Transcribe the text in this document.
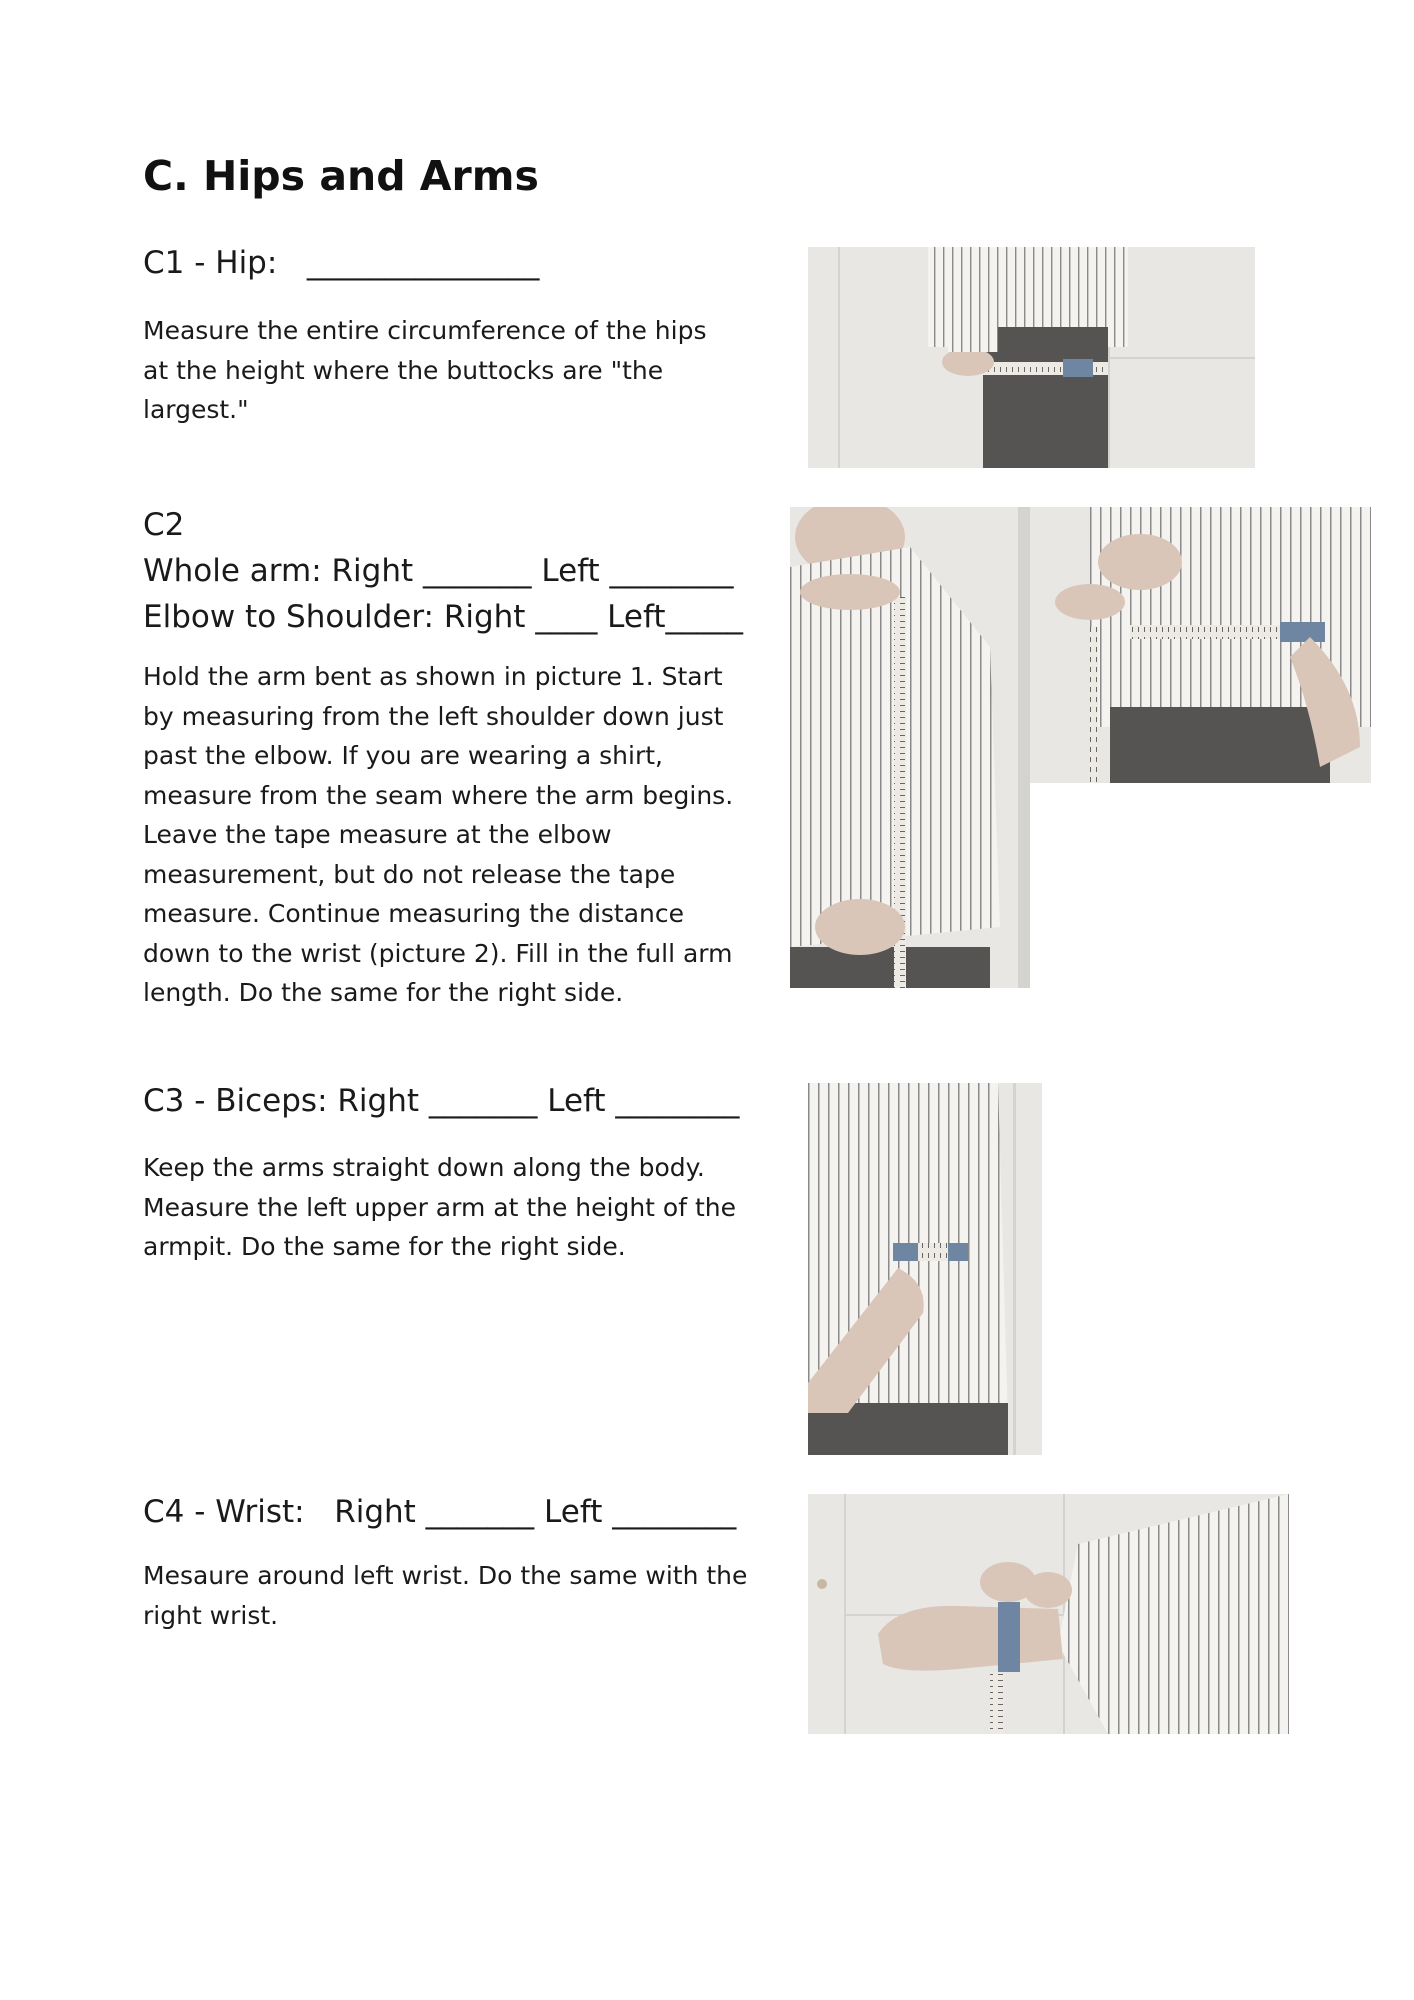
C. Hips and Arms

C1 - Hip:   _______________

Measure the entire circumference of the hips at the height where the buttocks are "the largest."

C2

Whole arm: Right _______ Left ________

Elbow to Shoulder: Right ____ Left_____

Hold the arm bent as shown in picture 1. Start by measuring from the left shoulder down just past the elbow. If you are wearing a shirt, measure from the seam where the arm begins. Leave the tape measure at the elbow measurement, but do not release the tape measure. Continue measuring the distance down to the wrist (picture 2). Fill in the full arm length. Do the same for the right side.

C3 - Biceps: Right _______ Left ________

Keep the arms straight down along the body. Measure the left upper arm at the height of the armpit. Do the same for the right side.

C4 - Wrist:   Right _______ Left ________

Mesaure around left wrist. Do the same with the right wrist.
